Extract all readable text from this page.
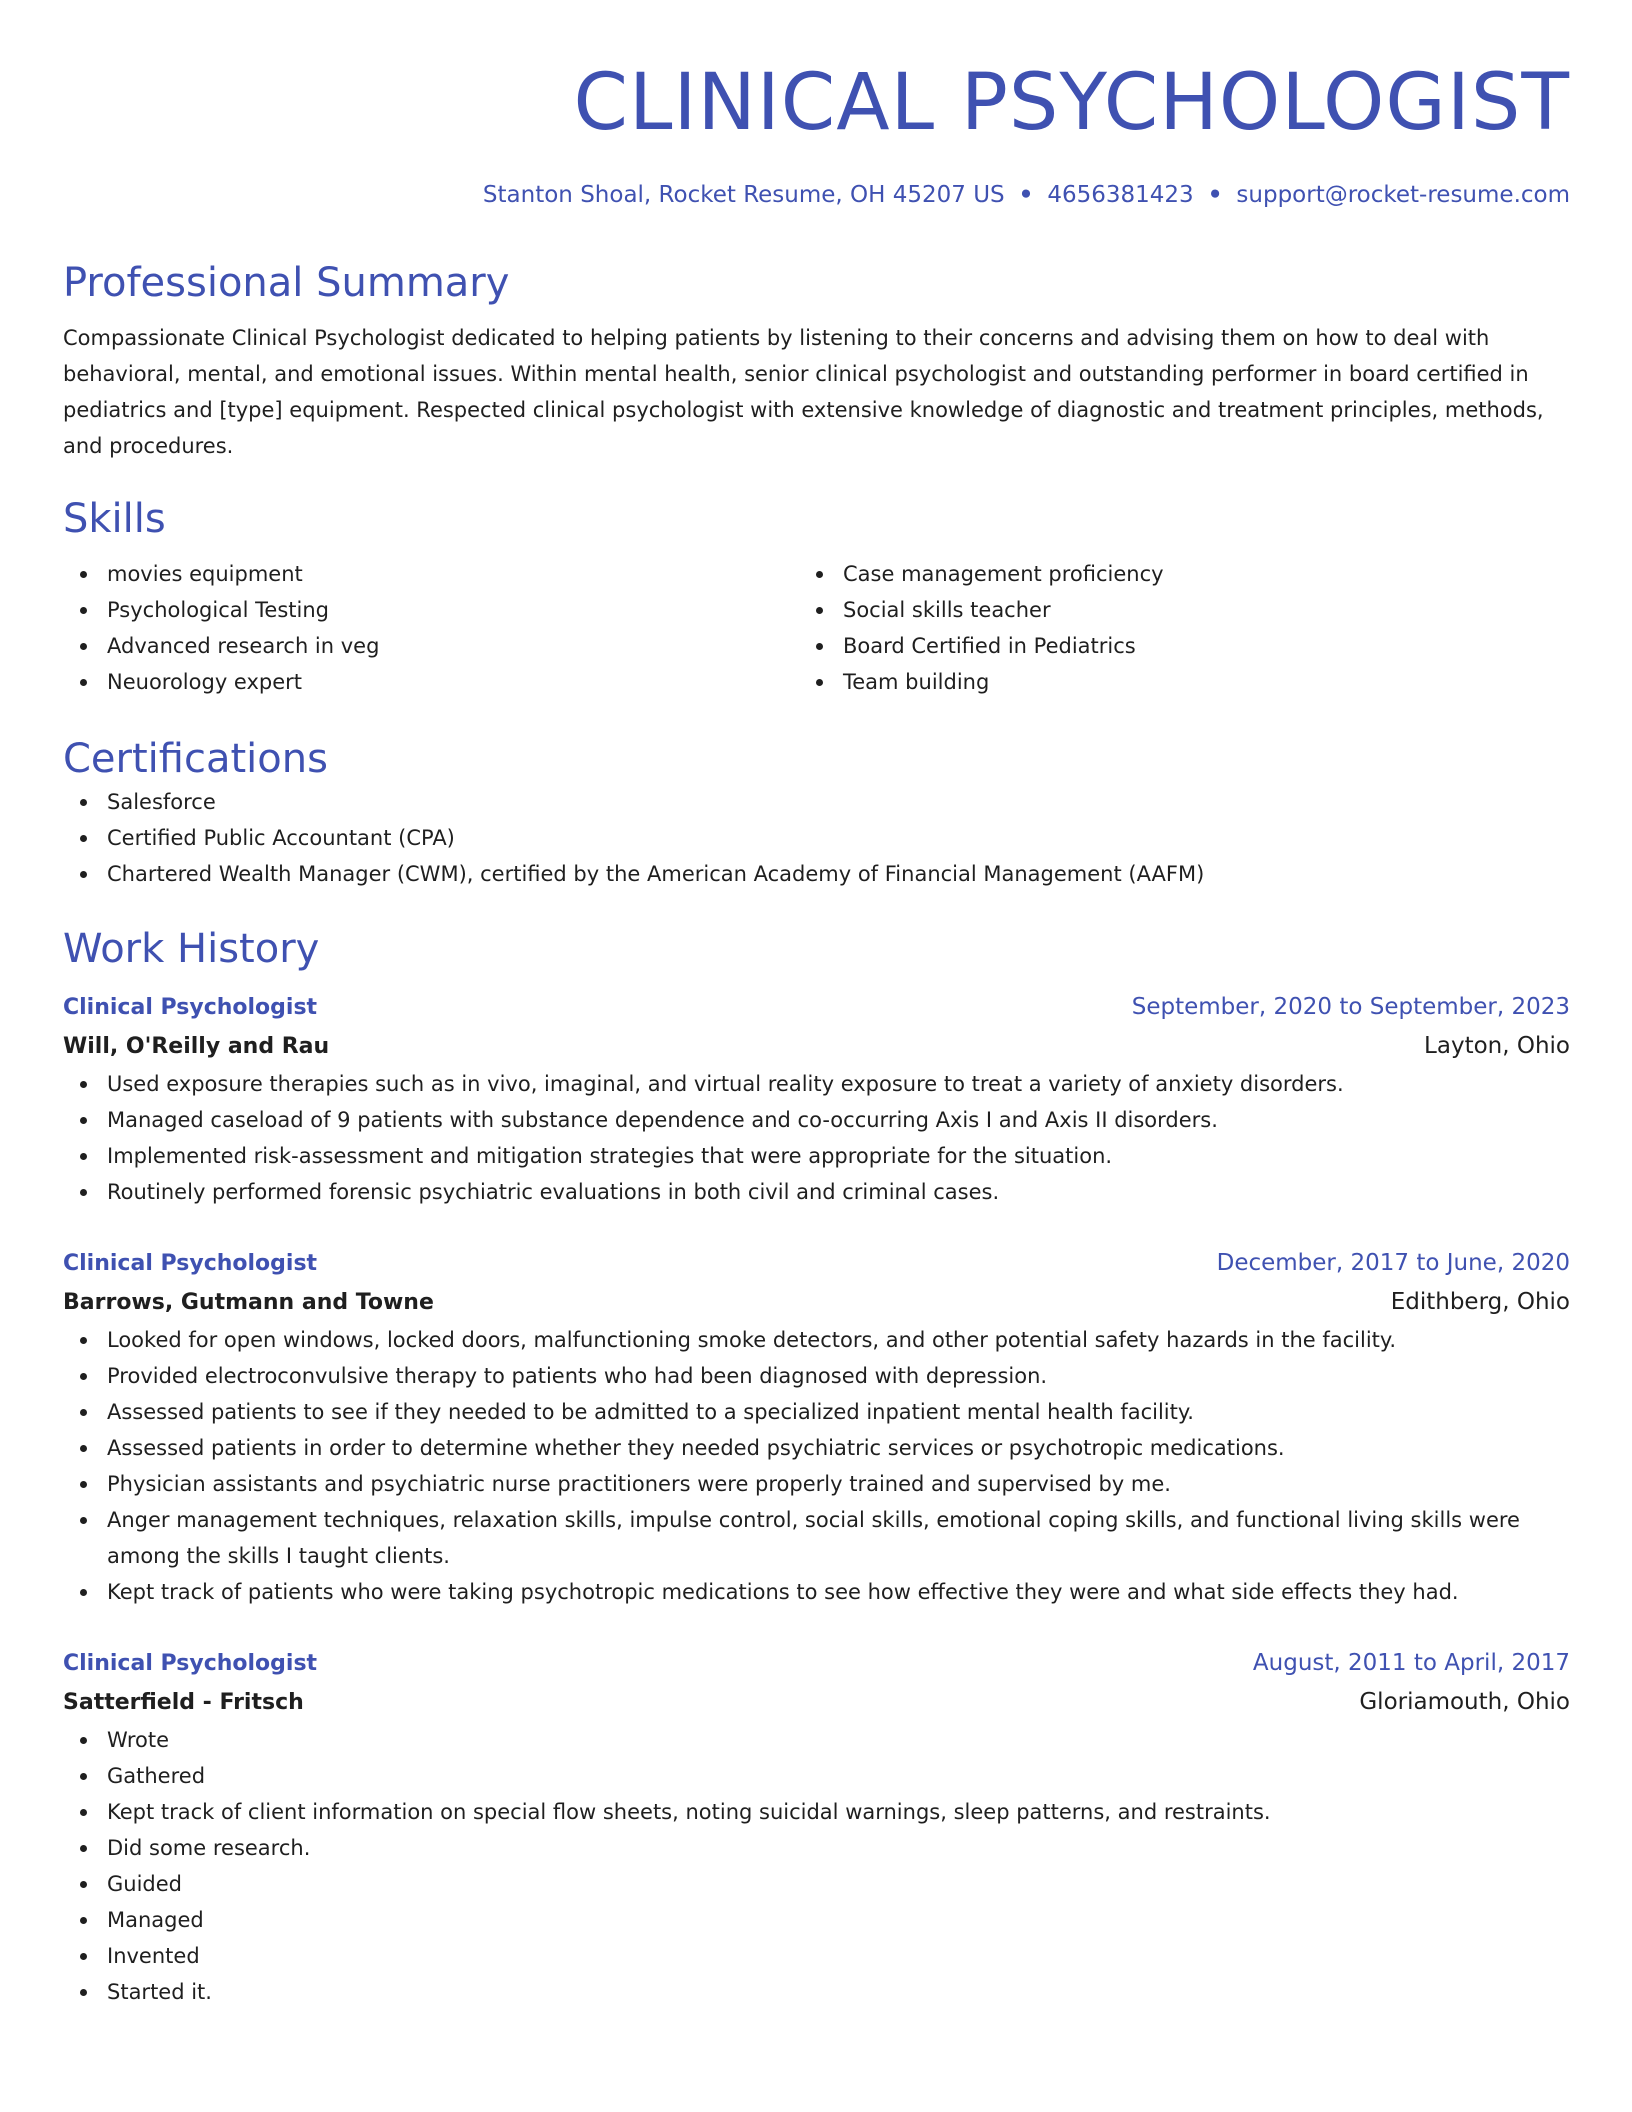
CLINICAL PSYCHOLOGIST
Stanton Shoal, Rocket Resume, OH 45207 US • 4656381423 • support@rocket-resume.com
Professional Summary
Compassionate Clinical Psychologist dedicated to helping patients by listening to their concerns and advising them on how to deal with behavioral, mental, and emotional issues. Within mental health, senior clinical psychologist and outstanding performer in board certified in pediatrics and [type] equipment. Respected clinical psychologist with extensive knowledge of diagnostic and treatment principles, methods, and procedures.
Skills
movies equipment
Psychological Testing
Advanced research in veg
Neuorology expert
Case management proficiency
Social skills teacher
Board Certified in Pediatrics
Team building
Certifications
Salesforce
Certified Public Accountant (CPA)
Chartered Wealth Manager (CWM), certified by the American Academy of Financial Management (AAFM)
Work History
Clinical Psychologist	September, 2020 to September, 2023
Will, O'Reilly and Rau	Layton, Ohio
Used exposure therapies such as in vivo, imaginal, and virtual reality exposure to treat a variety of anxiety disorders.
Managed caseload of 9 patients with substance dependence and co-occurring Axis I and Axis II disorders.
Implemented risk-assessment and mitigation strategies that were appropriate for the situation.
Routinely performed forensic psychiatric evaluations in both civil and criminal cases.
Clinical Psychologist	December, 2017 to June, 2020
Barrows, Gutmann and Towne	Edithberg, Ohio
Looked for open windows, locked doors, malfunctioning smoke detectors, and other potential safety hazards in the facility.
Provided electroconvulsive therapy to patients who had been diagnosed with depression.
Assessed patients to see if they needed to be admitted to a specialized inpatient mental health facility.
Assessed patients in order to determine whether they needed psychiatric services or psychotropic medications.
Physician assistants and psychiatric nurse practitioners were properly trained and supervised by me.
Anger management techniques, relaxation skills, impulse control, social skills, emotional coping skills, and functional living skills were among the skills I taught clients.
Kept track of patients who were taking psychotropic medications to see how effective they were and what side effects they had.
Clinical Psychologist	August, 2011 to April, 2017
Satterfield - Fritsch	Gloriamouth, Ohio
Wrote
Gathered
Kept track of client information on special flow sheets, noting suicidal warnings, sleep patterns, and restraints.
Did some research.
Guided
Managed
Invented
Started it.
